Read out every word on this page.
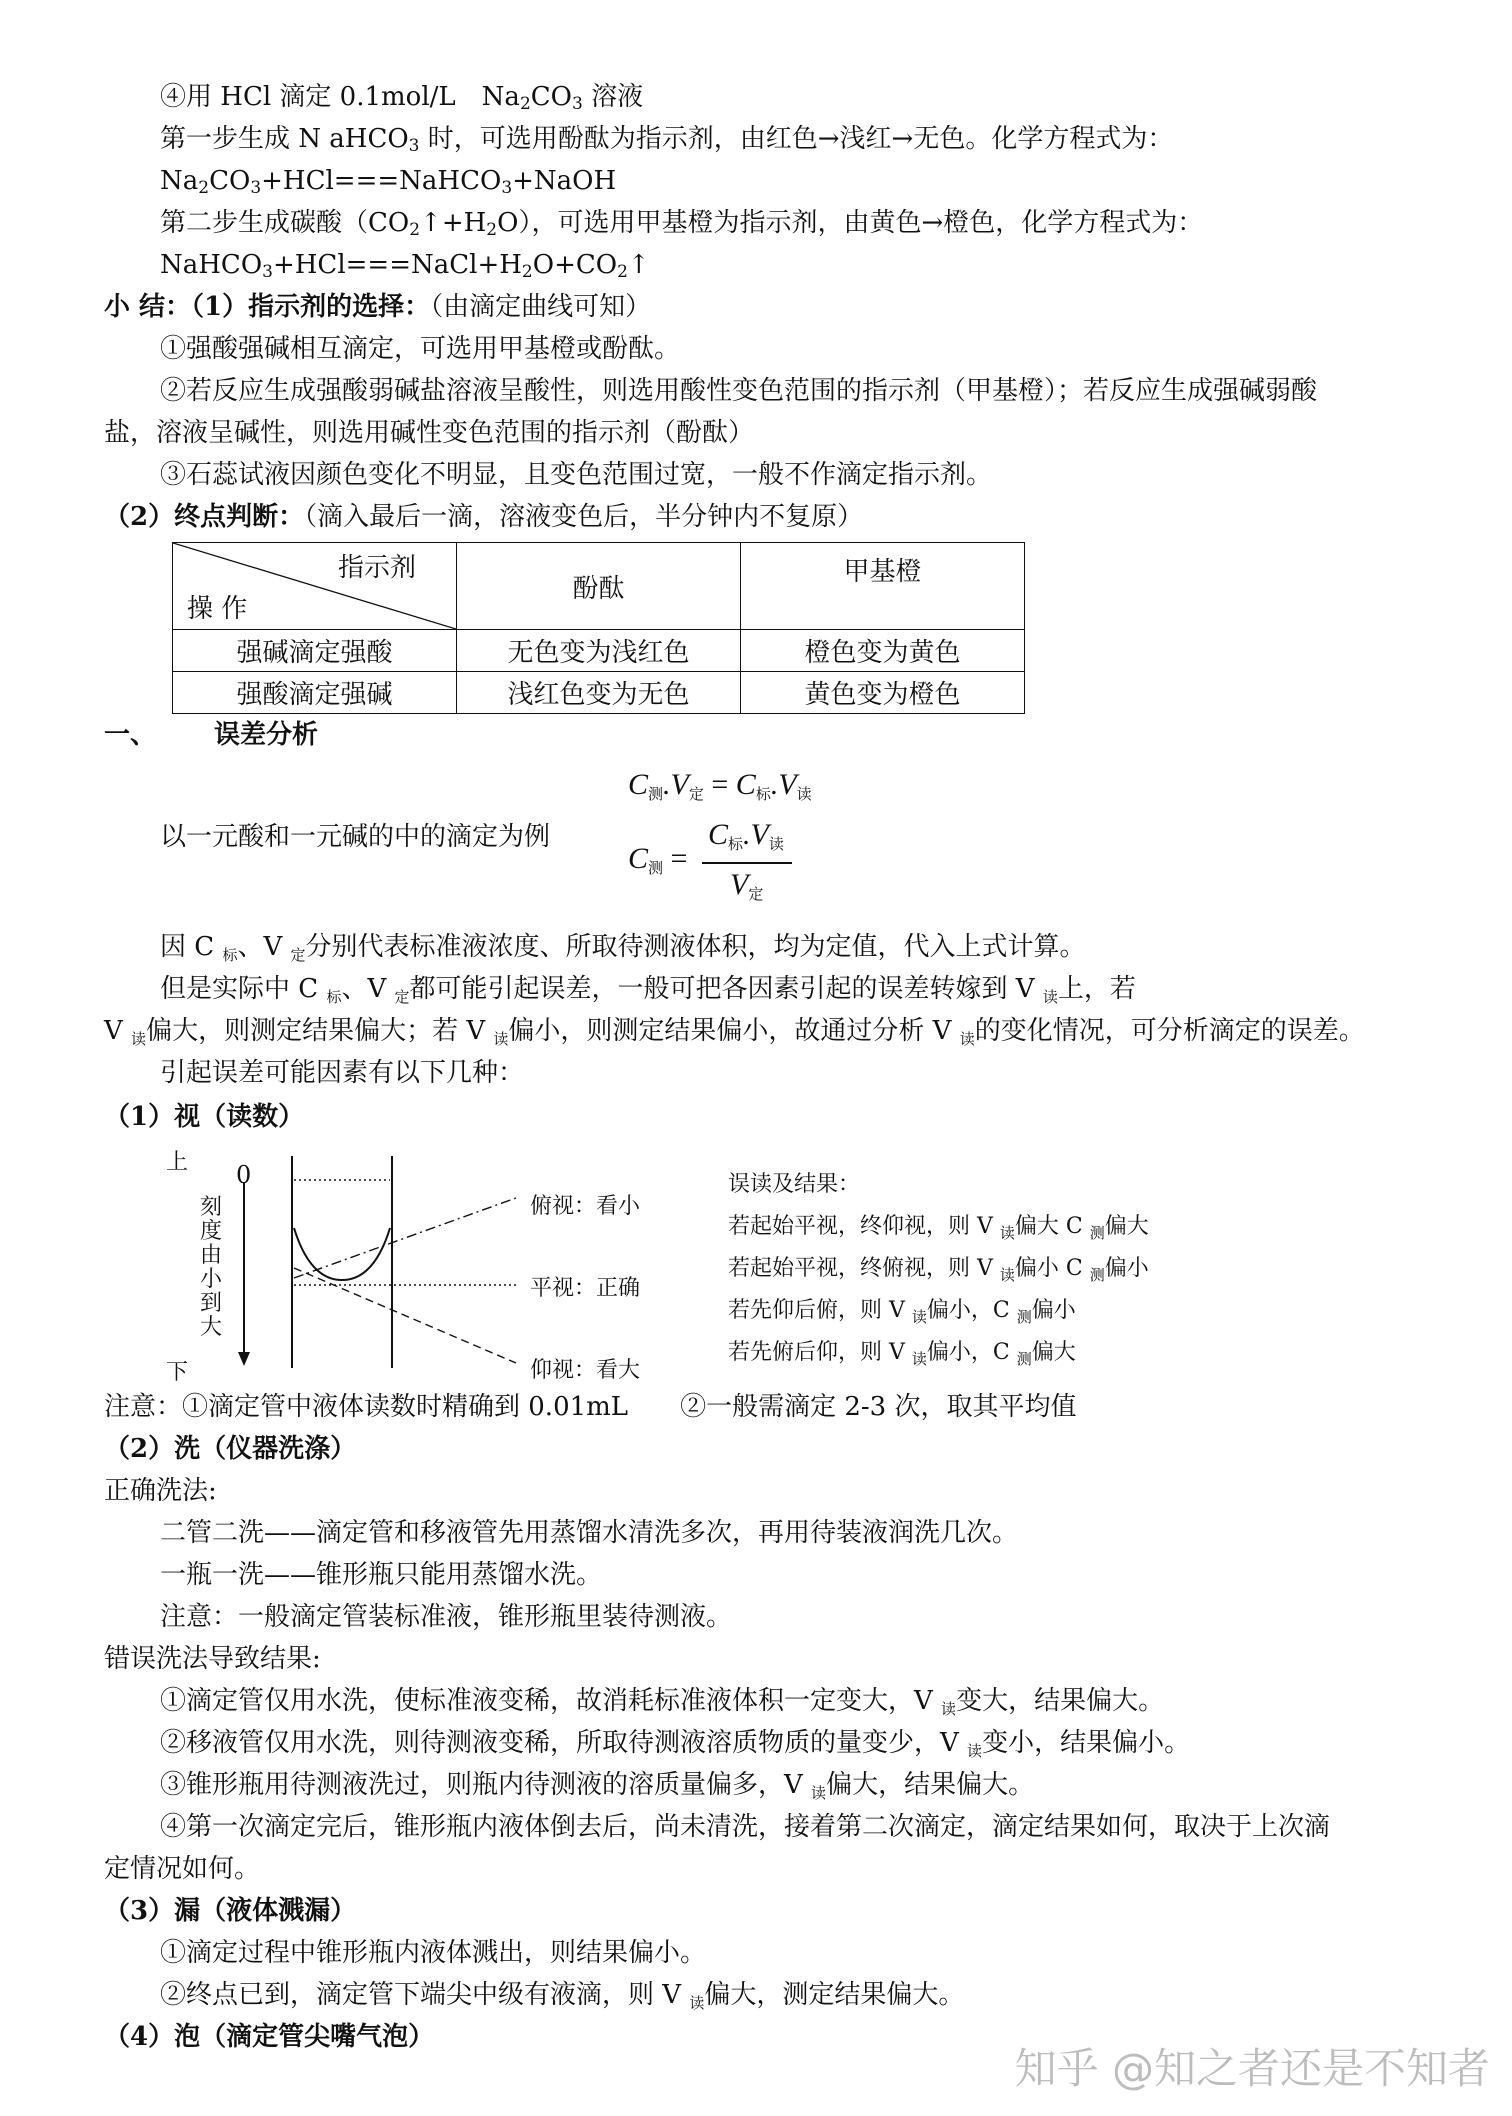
④用 HCl 滴定 0.1mol/L　$Na_2CO_3$ 溶液
第一步生成 N aHCO$_3$ 时，可选用酚酞为指示剂，由红色→浅红→无色。化学方程式为：
$Na_2CO_3+HCl===NaHCO_3+NaOH$
第二步生成碳酸$(CO_2↑+H_2O)$，可选用甲基橙为指示剂，由黄色→橙色，化学方程式为：
$NaHCO_3+HCl===NaCl+H_2O+CO_2↑$
小 结：（1）指示剂的选择：（由滴定曲线可知）
①强酸强碱相互滴定，可选用甲基橙或酚酞。
②若反应生成强酸弱碱盐溶液呈酸性，则选用酸性变色范围的指示剂（甲基橙）；若反应生成强碱弱酸
盐，溶液呈碱性，则选用碱性变色范围的指示剂（酚酞）
③石蕊试液因颜色变化不明显，且变色范围过宽，一般不作滴定指示剂。
（2）终点判断：（滴入最后一滴，溶液变色后，半分钟内不复原）
指示剂
操 作	酚酞	甲基橙
强碱滴定强酸	无色变为浅红色	橙色变为黄色
强酸滴定强碱	浅红色变为无色	黄色变为橙色
一、 误差分析
以一元酸和一元碱的中的滴定为例
C测.V定 = C标.V读
C测 =
C标.V读
V定
因 C 标、V 定分别代表标准液浓度、所取待测液体积，均为定值，代入上式计算。
但是实际中 C 标、V 定都可能引起误差，一般可把各因素引起的误差转嫁到 V 读上，若
V 读偏大，则测定结果偏大；若 V 读偏小，则测定结果偏小，故通过分析 V 读的变化情况，可分析滴定的误差。
引起误差可能因素有以下几种：
（1）视（读数）
上 0
刻
度
由
小
到
大
下
俯视：看小
平视：正确
仰视：看大
误读及结果：
若起始平视，终仰视，则 V $_读$偏大 C $_测$偏大
若起始平视，终俯视，则 V $_读$偏小 C $_测$偏小
若先仰后俯，则 V $_读$偏小，C $_测$偏小
若先俯后仰，则 V $_读$偏小，C $_测$偏大
注意：①滴定管中液体读数时精确到 0.01mL　　②一般需滴定 2-3 次，取其平均值
（2）洗（仪器洗涤）
正确洗法:
二管二洗——滴定管和移液管先用蒸馏水清洗多次，再用待装液润洗几次。
一瓶一洗——锥形瓶只能用蒸馏水洗。
注意：一般滴定管装标准液，锥形瓶里装待测液。
错误洗法导致结果:
①滴定管仅用水洗，使标准液变稀，故消耗标准液体积一定变大，V 读变大，结果偏大。
②移液管仅用水洗，则待测液变稀，所取待测液溶质物质的量变少，V 读变小，结果偏小。
③锥形瓶用待测液洗过，则瓶内待测液的溶质量偏多，V 读偏大，结果偏大。
④第一次滴定完后，锥形瓶内液体倒去后，尚未清洗，接着第二次滴定，滴定结果如何，取决于上次滴
定情况如何。
（3）漏（液体溅漏）
①滴定过程中锥形瓶内液体溅出，则结果偏小。
②终点已到，滴定管下端尖中级有液滴，则 V 读偏大，测定结果偏大。
（4）泡（滴定管尖嘴气泡）
知乎 @知之者还是不知者
